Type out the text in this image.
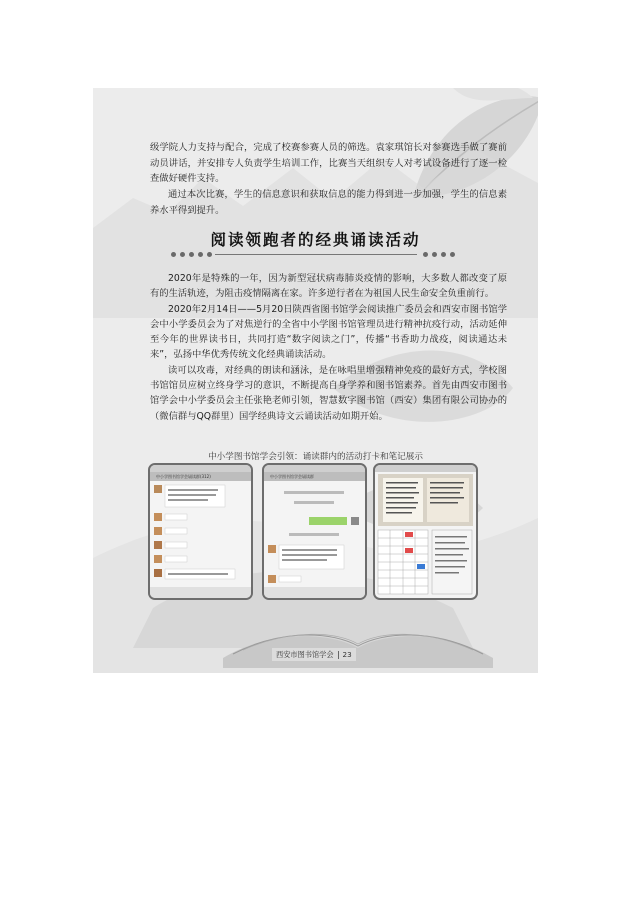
级学院人力支持与配合，完成了校赛参赛人员的筛选。袁家琪馆长对参赛选手做了赛前动员讲话，并安排专人负责学生培训工作，比赛当天组织专人对考试设备进行了逐一检查做好硬件支持。

通过本次比赛，学生的信息意识和获取信息的能力得到进一步加强，学生的信息素养水平得到提升。

阅读领跑者的经典诵读活动

2020年是特殊的一年，因为新型冠状病毒肺炎疫情的影响，大多数人都改变了原有的生活轨迹，为阻击疫情隔离在家。许多逆行者在为祖国人民生命安全负重前行。

2020年2月14日——5月20日陕西省图书馆学会阅读推广委员会和西安市图书馆学会中小学委员会为了对焦逆行的全省中小学图书馆管理员进行精神抗疫行动，活动延伸至今年的世界读书日，共同打造“数字阅读之门”，传播“书香助力战疫，阅读通达未来”，弘扬中华优秀传统文化经典诵读活动。

读可以攻毒，对经典的朗读和涵泳，是在咏唱里增强精神免疫的最好方式，学校图书馆馆员应树立终身学习的意识，不断提高自身学养和图书馆素养。首先由西安市图书馆学会中小学委员会主任张艳老师引领，智慧数字图书馆（西安）集团有限公司协办的（微信群与QQ群里）国学经典诗文云诵读活动如期开始。

中小学图书馆学会引领：诵读群内的活动打卡和笔记展示
中小学图书馆学会诵读群(312)	中小学图书馆学会诵读群
西安市图书馆学会 23
